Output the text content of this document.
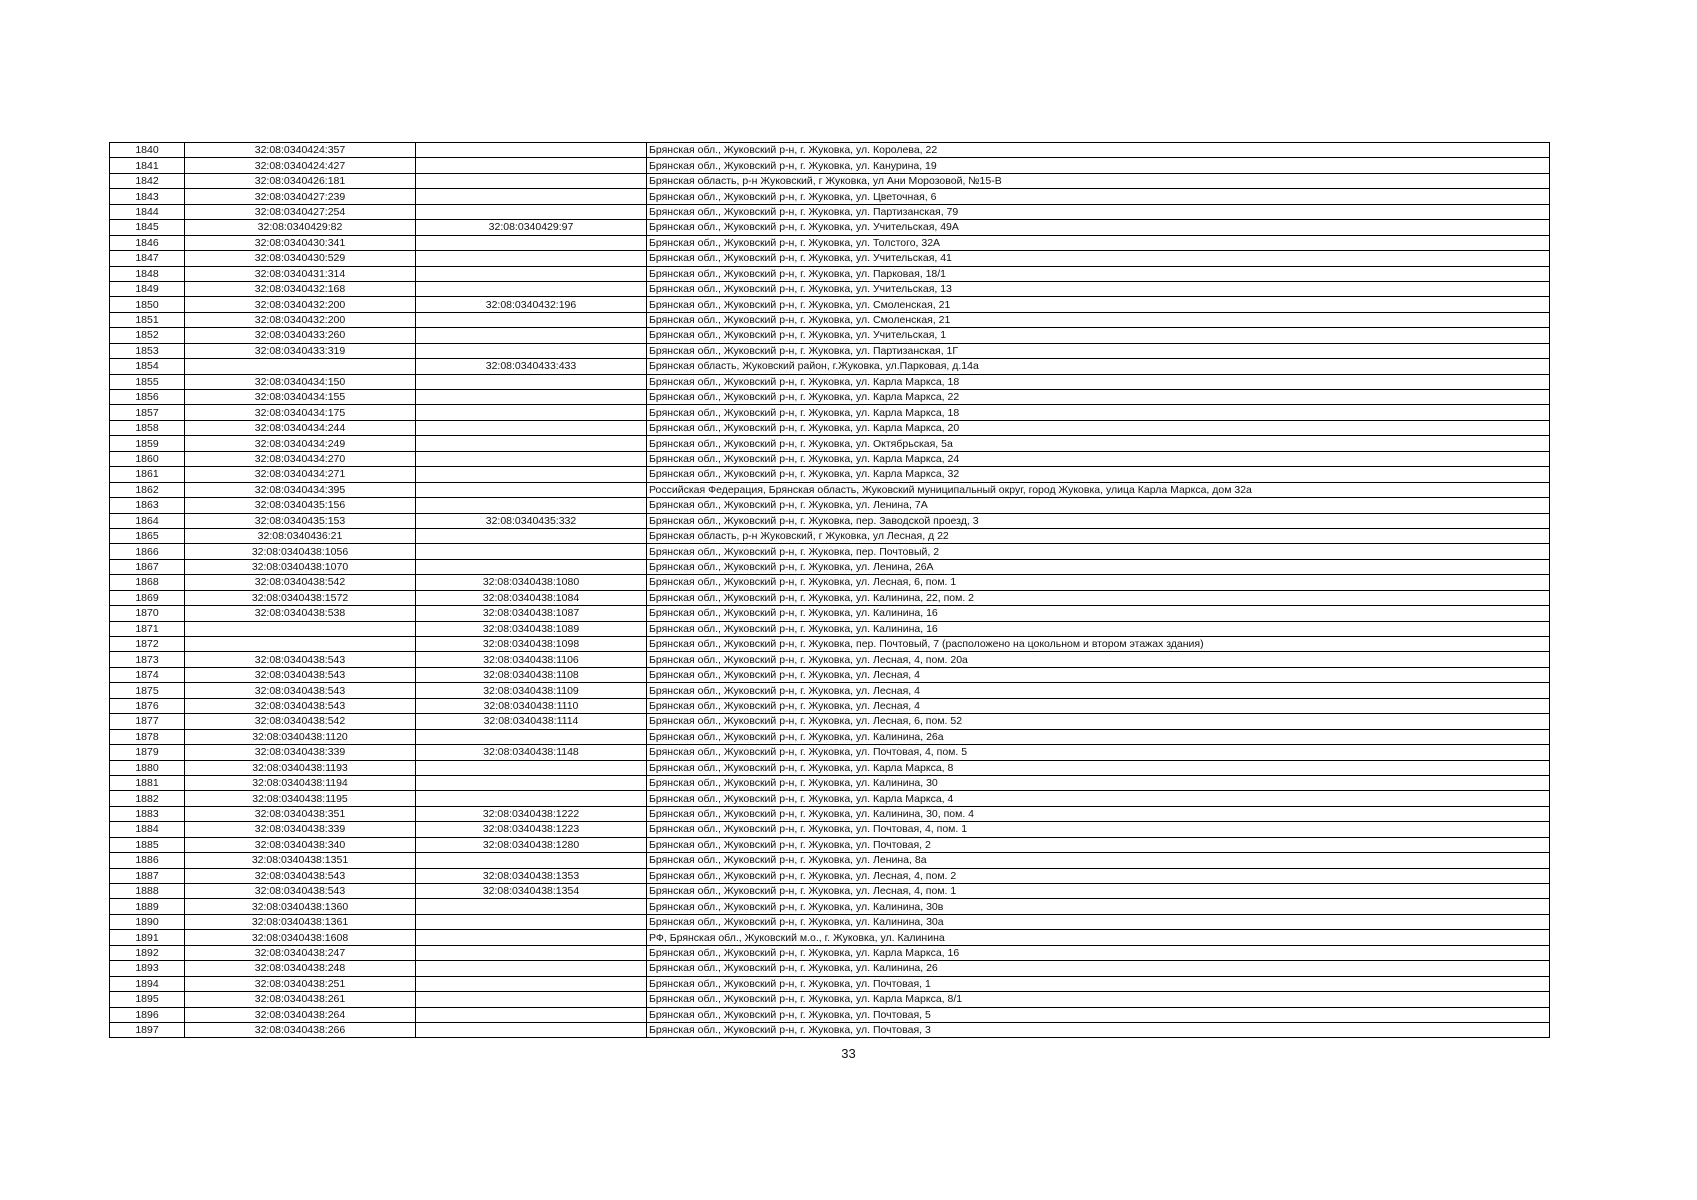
1840	32:08:0340424:357		Брянская обл., Жуковский р-н, г. Жуковка, ул. Королева, 22
1841	32:08:0340424:427		Брянская обл., Жуковский р-н, г. Жуковка, ул. Канурина, 19
1842	32:08:0340426:181		Брянская область, р-н Жуковский, г Жуковка, ул Ани Морозовой, №15-В
1843	32:08:0340427:239		Брянская обл., Жуковский р-н, г. Жуковка, ул. Цветочная, 6
1844	32:08:0340427:254		Брянская обл., Жуковский р-н, г. Жуковка, ул. Партизанская, 79
1845	32:08:0340429:82	32:08:0340429:97	Брянская обл., Жуковский р-н, г. Жуковка, ул. Учительская, 49А
1846	32:08:0340430:341		Брянская обл., Жуковский р-н, г. Жуковка, ул. Толстого, 32А
1847	32:08:0340430:529		Брянская обл., Жуковский р-н, г. Жуковка, ул. Учительская, 41
1848	32:08:0340431:314		Брянская обл., Жуковский р-н, г. Жуковка, ул. Парковая, 18/1
1849	32:08:0340432:168		Брянская обл., Жуковский р-н, г. Жуковка, ул. Учительская, 13
1850	32:08:0340432:200	32:08:0340432:196	Брянская обл., Жуковский р-н, г. Жуковка, ул. Смоленская, 21
1851	32:08:0340432:200		Брянская обл., Жуковский р-н, г. Жуковка, ул. Смоленская, 21
1852	32:08:0340433:260		Брянская обл., Жуковский р-н, г. Жуковка, ул. Учительская, 1
1853	32:08:0340433:319		Брянская обл., Жуковский р-н, г. Жуковка, ул. Партизанская, 1Г
1854		32:08:0340433:433	Брянская область, Жуковский район, г.Жуковка, ул.Парковая, д.14а
1855	32:08:0340434:150		Брянская обл., Жуковский р-н, г. Жуковка, ул. Карла Маркса, 18
1856	32:08:0340434:155		Брянская обл., Жуковский р-н, г. Жуковка, ул. Карла Маркса, 22
1857	32:08:0340434:175		Брянская обл., Жуковский р-н, г. Жуковка, ул. Карла Маркса, 18
1858	32:08:0340434:244		Брянская обл., Жуковский р-н, г. Жуковка, ул. Карла Маркса, 20
1859	32:08:0340434:249		Брянская обл., Жуковский р-н, г. Жуковка, ул. Октябрьская, 5а
1860	32:08:0340434:270		Брянская обл., Жуковский р-н, г. Жуковка, ул. Карла Маркса, 24
1861	32:08:0340434:271		Брянская обл., Жуковский р-н, г. Жуковка, ул. Карла Маркса, 32
1862	32:08:0340434:395		Российская Федерация, Брянская область, Жуковский муниципальный округ, город Жуковка, улица Карла Маркса, дом 32а
1863	32:08:0340435:156		Брянская обл., Жуковский р-н, г. Жуковка, ул. Ленина, 7А
1864	32:08:0340435:153	32:08:0340435:332	Брянская обл., Жуковский р-н, г. Жуковка, пер. Заводской проезд, 3
1865	32:08:0340436:21		Брянская область, р-н Жуковский, г Жуковка, ул Лесная, д 22
1866	32:08:0340438:1056		Брянская обл., Жуковский р-н, г. Жуковка, пер. Почтовый, 2
1867	32:08:0340438:1070		Брянская обл., Жуковский р-н, г. Жуковка, ул. Ленина, 26А
1868	32:08:0340438:542	32:08:0340438:1080	Брянская обл., Жуковский р-н, г. Жуковка, ул. Лесная, 6, пом. 1
1869	32:08:0340438:1572	32:08:0340438:1084	Брянская обл., Жуковский р-н, г. Жуковка, ул. Калинина, 22, пом. 2
1870	32:08:0340438:538	32:08:0340438:1087	Брянская обл., Жуковский р-н, г. Жуковка, ул. Калинина, 16
1871		32:08:0340438:1089	Брянская обл., Жуковский р-н, г. Жуковка, ул. Калинина, 16
1872		32:08:0340438:1098	Брянская обл., Жуковский р-н, г. Жуковка, пер. Почтовый, 7 (расположено на цокольном и втором этажах здания)
1873	32:08:0340438:543	32:08:0340438:1106	Брянская обл., Жуковский р-н, г. Жуковка, ул. Лесная, 4, пом. 20а
1874	32:08:0340438:543	32:08:0340438:1108	Брянская обл., Жуковский р-н, г. Жуковка, ул. Лесная, 4
1875	32:08:0340438:543	32:08:0340438:1109	Брянская обл., Жуковский р-н, г. Жуковка, ул. Лесная, 4
1876	32:08:0340438:543	32:08:0340438:1110	Брянская обл., Жуковский р-н, г. Жуковка, ул. Лесная, 4
1877	32:08:0340438:542	32:08:0340438:1114	Брянская обл., Жуковский р-н, г. Жуковка, ул. Лесная, 6, пом. 52
1878	32:08:0340438:1120		Брянская обл., Жуковский р-н, г. Жуковка, ул. Калинина, 26а
1879	32:08:0340438:339	32:08:0340438:1148	Брянская обл., Жуковский р-н, г. Жуковка, ул. Почтовая, 4, пом. 5
1880	32:08:0340438:1193		Брянская обл., Жуковский р-н, г. Жуковка, ул. Карла Маркса, 8
1881	32:08:0340438:1194		Брянская обл., Жуковский р-н, г. Жуковка, ул. Калинина, 30
1882	32:08:0340438:1195		Брянская обл., Жуковский р-н, г. Жуковка, ул. Карла Маркса, 4
1883	32:08:0340438:351	32:08:0340438:1222	Брянская обл., Жуковский р-н, г. Жуковка, ул. Калинина, 30, пом. 4
1884	32:08:0340438:339	32:08:0340438:1223	Брянская обл., Жуковский р-н, г. Жуковка, ул. Почтовая, 4, пом. 1
1885	32:08:0340438:340	32:08:0340438:1280	Брянская обл., Жуковский р-н, г. Жуковка, ул. Почтовая, 2
1886	32:08:0340438:1351		Брянская обл., Жуковский р-н, г. Жуковка, ул. Ленина, 8а
1887	32:08:0340438:543	32:08:0340438:1353	Брянская обл., Жуковский р-н, г. Жуковка, ул. Лесная, 4, пом. 2
1888	32:08:0340438:543	32:08:0340438:1354	Брянская обл., Жуковский р-н, г. Жуковка, ул. Лесная, 4, пом. 1
1889	32:08:0340438:1360		Брянская обл., Жуковский р-н, г. Жуковка, ул. Калинина, 30в
1890	32:08:0340438:1361		Брянская обл., Жуковский р-н, г. Жуковка, ул. Калинина, 30а
1891	32:08:0340438:1608		РФ, Брянская обл., Жуковский м.о., г. Жуковка, ул. Калинина
1892	32:08:0340438:247		Брянская обл., Жуковский р-н, г. Жуковка, ул. Карла Маркса, 16
1893	32:08:0340438:248		Брянская обл., Жуковский р-н, г. Жуковка, ул. Калинина, 26
1894	32:08:0340438:251		Брянская обл., Жуковский р-н, г. Жуковка, ул. Почтовая, 1
1895	32:08:0340438:261		Брянская обл., Жуковский р-н, г. Жуковка, ул. Карла Маркса, 8/1
1896	32:08:0340438:264		Брянская обл., Жуковский р-н, г. Жуковка, ул. Почтовая, 5
1897	32:08:0340438:266		Брянская обл., Жуковский р-н, г. Жуковка, ул. Почтовая, 3
33
